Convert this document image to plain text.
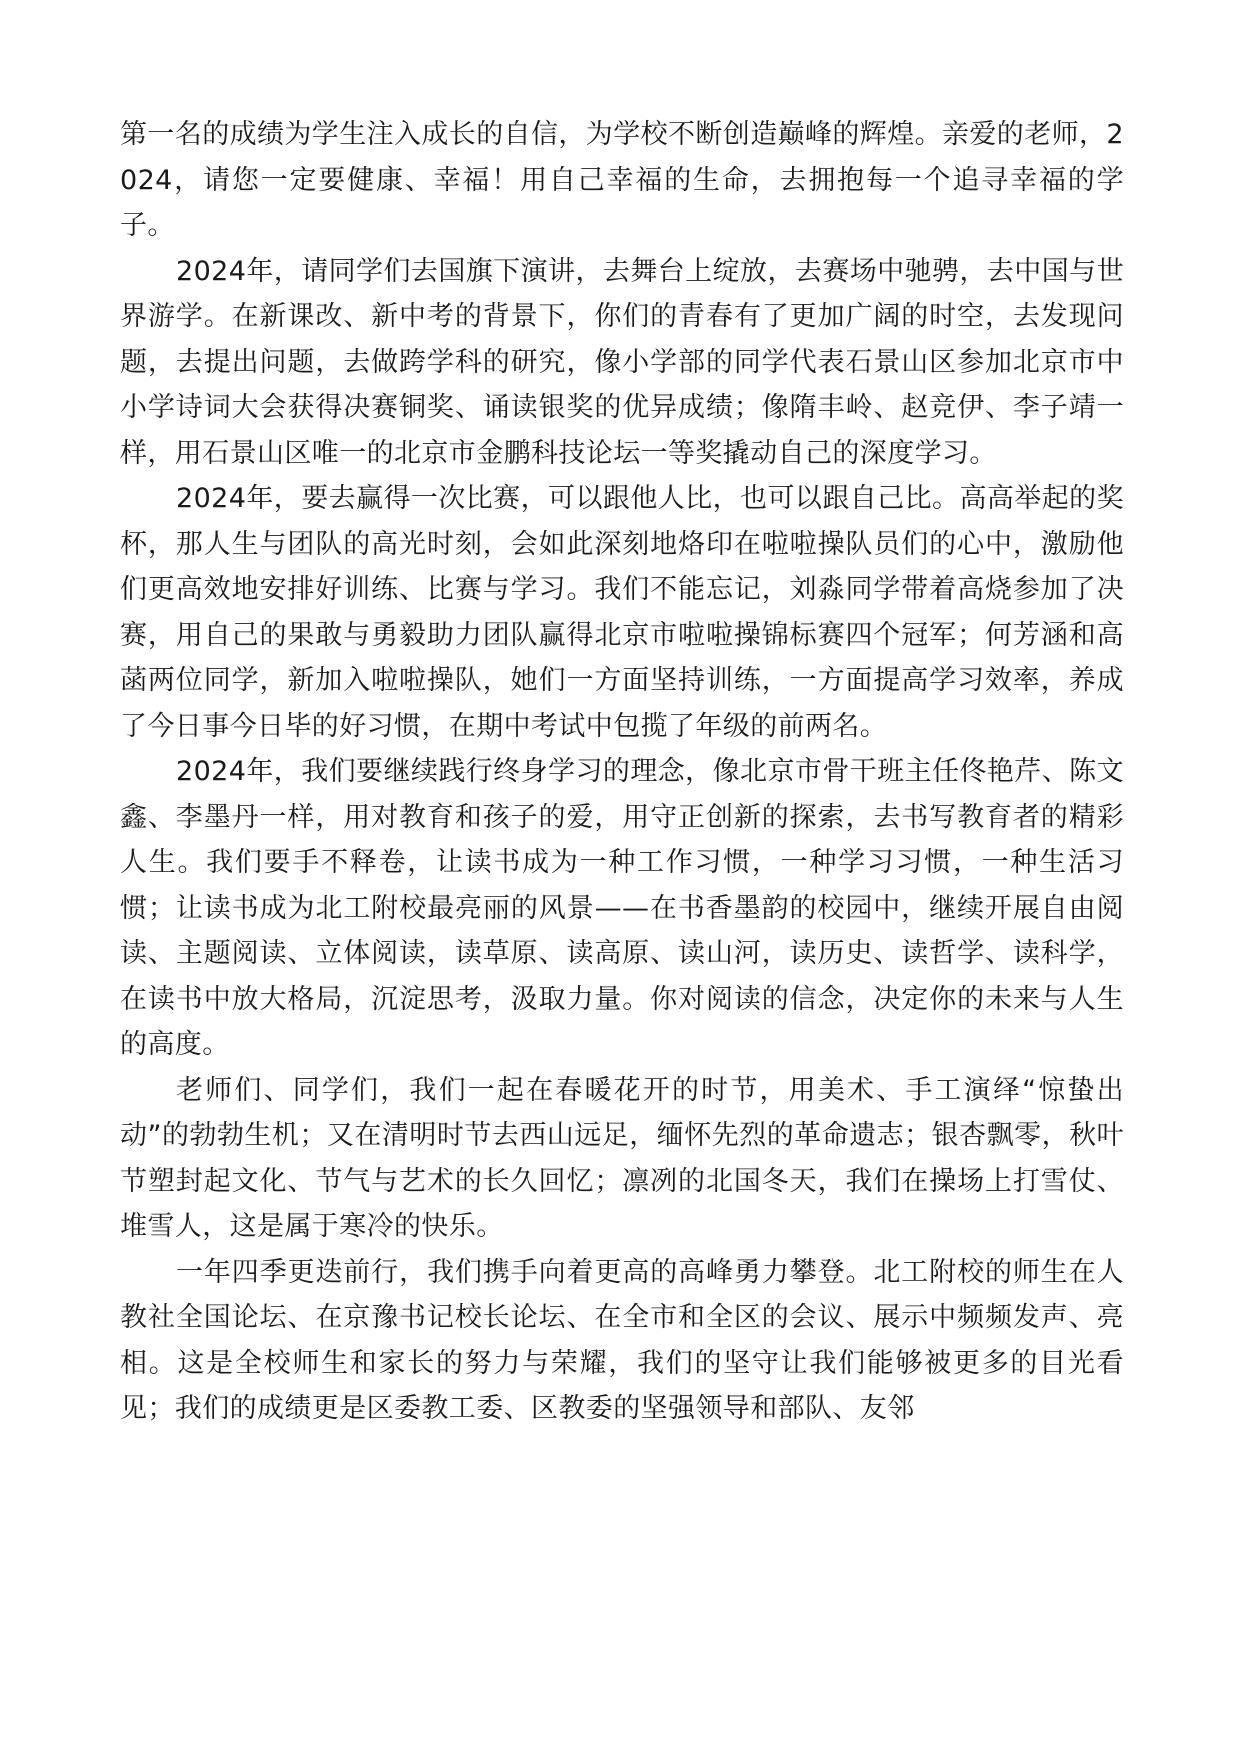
第一名的成绩为学生注入成长的自信，为学校不断创造巅峰的辉煌。亲爱的老师，2024，请您一定要健康、幸福！用自己幸福的生命，去拥抱每一个追寻幸福的学子。

2024年，请同学们去国旗下演讲，去舞台上绽放，去赛场中驰骋，去中国与世界游学。在新课改、新中考的背景下，你们的青春有了更加广阔的时空，去发现问题，去提出问题，去做跨学科的研究，像小学部的同学代表石景山区参加北京市中小学诗词大会获得决赛铜奖、诵读银奖的优异成绩；像隋丰岭、赵竞伊、李子靖一样，用石景山区唯一的北京市金鹏科技论坛一等奖撬动自己的深度学习。

2024年，要去赢得一次比赛，可以跟他人比，也可以跟自己比。高高举起的奖杯，那人生与团队的高光时刻，会如此深刻地烙印在啦啦操队员们的心中，激励他们更高效地安排好训练、比赛与学习。我们不能忘记，刘淼同学带着高烧参加了决赛，用自己的果敢与勇毅助力团队赢得北京市啦啦操锦标赛四个冠军；何芳涵和高菡两位同学，新加入啦啦操队，她们一方面坚持训练，一方面提高学习效率，养成了今日事今日毕的好习惯，在期中考试中包揽了年级的前两名。

2024年，我们要继续践行终身学习的理念，像北京市骨干班主任佟艳芹、陈文鑫、李墨丹一样，用对教育和孩子的爱，用守正创新的探索，去书写教育者的精彩人生。我们要手不释卷，让读书成为一种工作习惯，一种学习习惯，一种生活习惯；让读书成为北工附校最亮丽的风景——在书香墨韵的校园中，继续开展自由阅读、主题阅读、立体阅读，读草原、读高原、读山河，读历史、读哲学、读科学，在读书中放大格局，沉淀思考，汲取力量。你对阅读的信念，决定你的未来与人生的高度。

老师们、同学们，我们一起在春暖花开的时节，用美术、手工演绎“惊蛰出动”的勃勃生机；又在清明时节去西山远足，缅怀先烈的革命遗志；银杏飘零，秋叶节塑封起文化、节气与艺术的长久回忆；凛冽的北国冬天，我们在操场上打雪仗、堆雪人，这是属于寒冷的快乐。

一年四季更迭前行，我们携手向着更高的高峰勇力攀登。北工附校的师生在人教社全国论坛、在京豫书记校长论坛、在全市和全区的会议、展示中频频发声、亮相。这是全校师生和家长的努力与荣耀，我们的坚守让我们能够被更多的目光看见；我们的成绩更是区委教工委、区教委的坚强领导和部队、友邻
